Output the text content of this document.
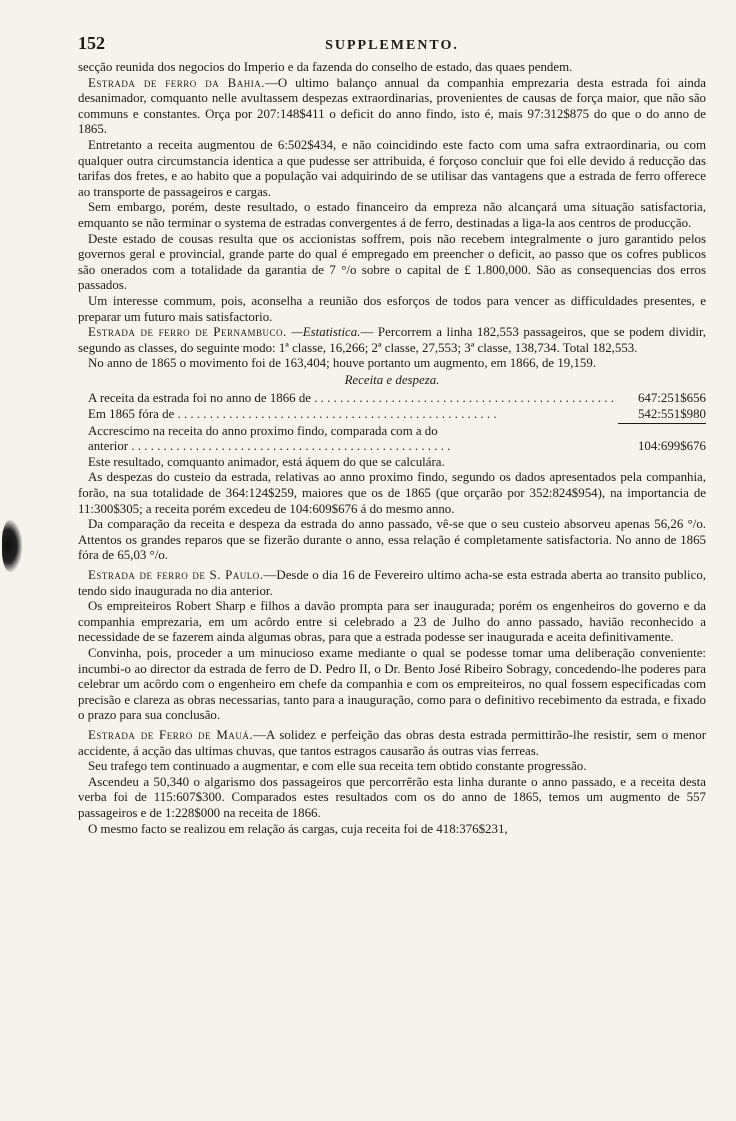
152	SUPPLEMENTO.

secção reunida dos negocios do Imperio e da fazenda do conselho de estado, das quaes pendem.

Estrada de ferro da Bahia.—O ultimo balanço annual da companhia emprezaria desta estrada foi ainda desanimador, comquanto nelle avultassem despezas extraordinarias, provenientes de causas de força maior, que não são communs e constantes. Orça por 207:148$411 o deficit do anno findo, isto é, mais 97:312$875 do que o do anno de 1865.

Entretanto a receita augmentou de 6:502$434, e não coincidindo este facto com uma safra extraordinaria, ou com qualquer outra circumstancia identica a que pudesse ser attribuida, é forçoso concluir que foi elle devido á reducção das tarifas dos fretes, e ao habito que a população vai adquirindo de se utilisar das vantagens que a estrada de ferro offerece ao transporte de passageiros e cargas.

Sem embargo, porém, deste resultado, o estado financeiro da empreza não alcançará uma situação satisfactoria, emquanto se não terminar o systema de estradas convergentes á de ferro, destinadas a liga-la aos centros de producção.

Deste estado de cousas resulta que os accionistas soffrem, pois não recebem integralmente o juro garantido pelos governos geral e provincial, grande parte do qual é empregado em preencher o deficit, ao passo que os cofres publicos são onerados com a totalidade da garantia de 7 °/o sobre o capital de £ 1.800,000. São as consequencias dos erros passados.

Um interesse commum, pois, aconselha a reunião dos esforços de todos para vencer as difficuldades presentes, e preparar um futuro mais satisfactorio.

Estrada de ferro de Pernambuco. —Estatistica.— Percorrem a linha 182,553 passageiros, que se podem dividir, segundo as classes, do seguinte modo: 1ª classe, 16,266; 2ª classe, 27,553; 3ª classe, 138,734. Total 182,553.

No anno de 1865 o movimento foi de 163,404; houve portanto um augmento, em 1866, de 19,159.

Receita e despeza.
A receita da estrada foi no anno de 1866 de . . .	647:251$656
Em 1865 fóra de . . .	542:551$980
Accrescimo na receita do anno proximo findo, comparada com a do
anterior . . .	104:699$676

Este resultado, comquanto animador, está áquem do que se calculára.

As despezas do custeio da estrada, relativas ao anno proximo findo, segundo os dados apresentados pela companhia, forão, na sua totalidade de 364:124$259, maiores que os de 1865 (que orçarão por 352:824$954), na importancia de 11:300$305; a receita porém excedeu de 104:609$676 á do mesmo anno.

Da comparação da receita e despeza da estrada do anno passado, vê-se que o seu custeio absorveu apenas 56,26 °/o. Attentos os grandes reparos que se fizerão durante o anno, essa relação é completamente satisfactoria. No anno de 1865 fóra de 65,03 °/o.

Estrada de ferro de S. Paulo.—Desde o dia 16 de Fevereiro ultimo acha-se esta estrada aberta ao transito publico, tendo sido inaugurada no dia anterior.

Os empreiteiros Robert Sharp e filhos a davão prompta para ser inaugurada; porém os engenheiros do governo e da companhia emprezaria, em um acôrdo entre si celebrado a 23 de Julho do anno passado, havião reconhecido a necessidade de se fazerem ainda algumas obras, para que a estrada podesse ser inaugurada e aceita definitivamente.

Convinha, pois, proceder a um minucioso exame mediante o qual se podesse tomar uma deliberação conveniente: incumbi-o ao director da estrada de ferro de D. Pedro II, o Dr. Bento José Ribeiro Sobragy, concedendo-lhe poderes para celebrar um acôrdo com o engenheiro em chefe da companhia e com os empreiteiros, no qual fossem especificadas com precisão e clareza as obras necessarias, tanto para a inauguração, como para o definitivo recebimento da estrada, e fixado o prazo para sua conclusão.

Estrada de Ferro de Mauá.—A solidez e perfeição das obras desta estrada permittirão-lhe resistir, sem o menor accidente, á acção das ultimas chuvas, que tantos estragos causarão ás outras vias ferreas.

Seu trafego tem continuado a augmentar, e com elle sua receita tem obtido constante progressão.

Ascendeu a 50,340 o algarismo dos passageiros que percorrêrão esta linha durante o anno passado, e a receita desta verba foi de 115:607$300. Comparados estes resultados com os do anno de 1865, temos um augmento de 557 passageiros e de 1:228$000 na receita de 1866.

O mesmo facto se realizou em relação ás cargas, cuja receita foi de 418:376$231,
